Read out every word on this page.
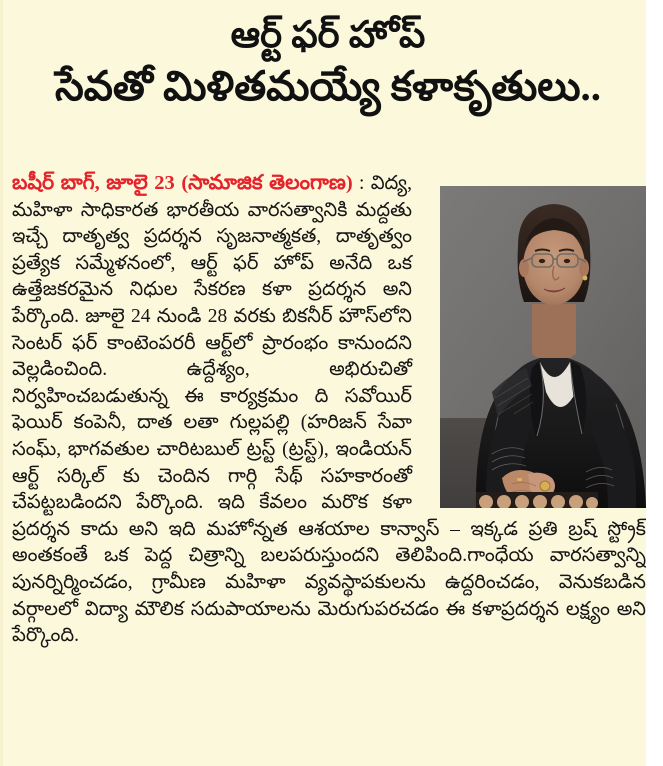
ఆర్ట్ ఫర్ హోప్
సేవతో మిళితమయ్యే కళాకృతులు..
బషీర్ బాగ్, జూలై 23 (సామాజిక తెలంగాణ) : విద్య, మహిళా సాధికారత భారతీయ వారసత్వానికి మద్దతు ఇచ్చే దాతృత్వ ప్రదర్శన సృజనాత్మకత, దాతృత్వం ప్రత్యేక సమ్మేళనంలో, ఆర్ట్ ఫర్ హోప్ అనేది ఒక ఉత్తేజకరమైన నిధుల సేకరణ కళా ప్రదర్శన అని పేర్కొంది. జూలై 24 నుండి 28 వరకు బికనీర్ హౌస్‌లోని సెంటర్ ఫర్ కాంటెంపరరీ ఆర్ట్‌లో ప్రారంభం కానుందని వెల్లడించింది. ఉద్దేశ్యం, అభిరుచితో నిర్వహించబడుతున్న ఈ కార్యక్రమం ది సవోయిర్ ఫెయిర్ కంపెనీ, దాత లతా గుల్లపల్లి (హరిజన్ సేవా సంఘ్, భాగవతుల చారిటబుల్ ట్రస్ట్ (ట్రస్ట్), ఇండియన్ ఆర్ట్ సర్కిల్ కు చెందిన గార్గి సేథ్ సహకారంతో చేపట్టబడిందని పేర్కొంది. ఇది కేవలం మరొక కళా ప్రదర్శన కాదు అని ఇది మహోన్నత ఆశయాల కాన్వాస్ – ఇక్కడ ప్రతి బ్రష్ స్ట్రోక్ అంతకంతే ఒక పెద్ద చిత్రాన్ని బలపరుస్తుందని తెలిపింది.గాంధేయ వారసత్వాన్ని పునర్నిర్మించడం, గ్రామీణ మహిళా వ్యవస్థాపకులను ఉద్దరించడం, వెనుకబడిన వర్గాలలో విద్యా మౌలిక సదుపాయాలను మెరుగుపరచడం ఈ కళాప్రదర్శన లక్ష్యం అని పేర్కొంది.
